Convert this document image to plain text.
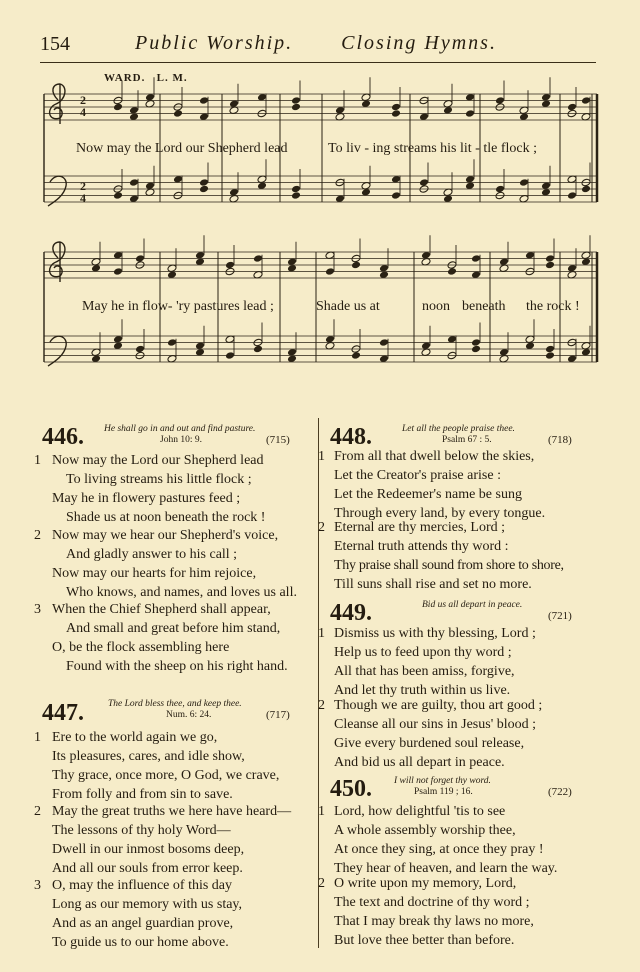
154	Public Worship. Closing Hymns.
WARD. L. M.
2
4
2
4
Now may the Lord our Shepherd lead	To liv - ing streams his lit - tle flock ;
May he in flow- 'ry pastures lead ;	Shade us at	noon beneath the rock !
446. He shall go in and out and find pasture.
John 10: 9.	(715)
1 Now may the Lord our Shepherd lead
To living streams his little flock ;
May he in flowery pastures feed ;
Shade us at noon beneath the rock !
2 Now may we hear our Shepherd's voice,
And gladly answer to his call ;
Now may our hearts for him rejoice,
Who knows, and names, and loves us all.
3 When the Chief Shepherd shall appear,
And small and great before him stand,
O, be the flock assembling here
Found with the sheep on his right hand.
447.	The Lord bless thee, and keep thee.
Num. 6: 24.	(717)
1 Ere to the world again we go,
Its pleasures, cares, and idle show,
Thy grace, once more, O God, we crave,
From folly and from sin to save.
2 May the great truths we here have heard—
The lessons of thy holy Word—
Dwell in our inmost bosoms deep,
And all our souls from error keep.
3 O, may the influence of this day
Long as our memory with us stay,
And as an angel guardian prove,
To guide us to our home above.
448.	Let all the people praise thee.
Psalm 67 : 5.	(718)
1 From all that dwell below the skies,
Let the Creator's praise arise :
Let the Redeemer's name be sung
Through every land, by every tongue.
2 Eternal are thy mercies, Lord ;
Eternal truth attends thy word :
Thy praise shall sound from shore to shore,
Till suns shall rise and set no more.
449.	Bid us all depart in peace.
(721)
1 Dismiss us with thy blessing, Lord ;
Help us to feed upon thy word ;
All that has been amiss, forgive,
And let thy truth within us live.
2 Though we are guilty, thou art good ;
Cleanse all our sins in Jesus' blood ;
Give every burdened soul release,
And bid us all depart in peace.
450. I will not forget thy word.
Psalm 119 ; 16.	(722)
1 Lord, how delightful 'tis to see
A whole assembly worship thee,
At once they sing, at once they pray !
They hear of heaven, and learn the way.
2 O write upon my memory, Lord,
The text and doctrine of thy word ;
That I may break thy laws no more,
But love thee better than before.
